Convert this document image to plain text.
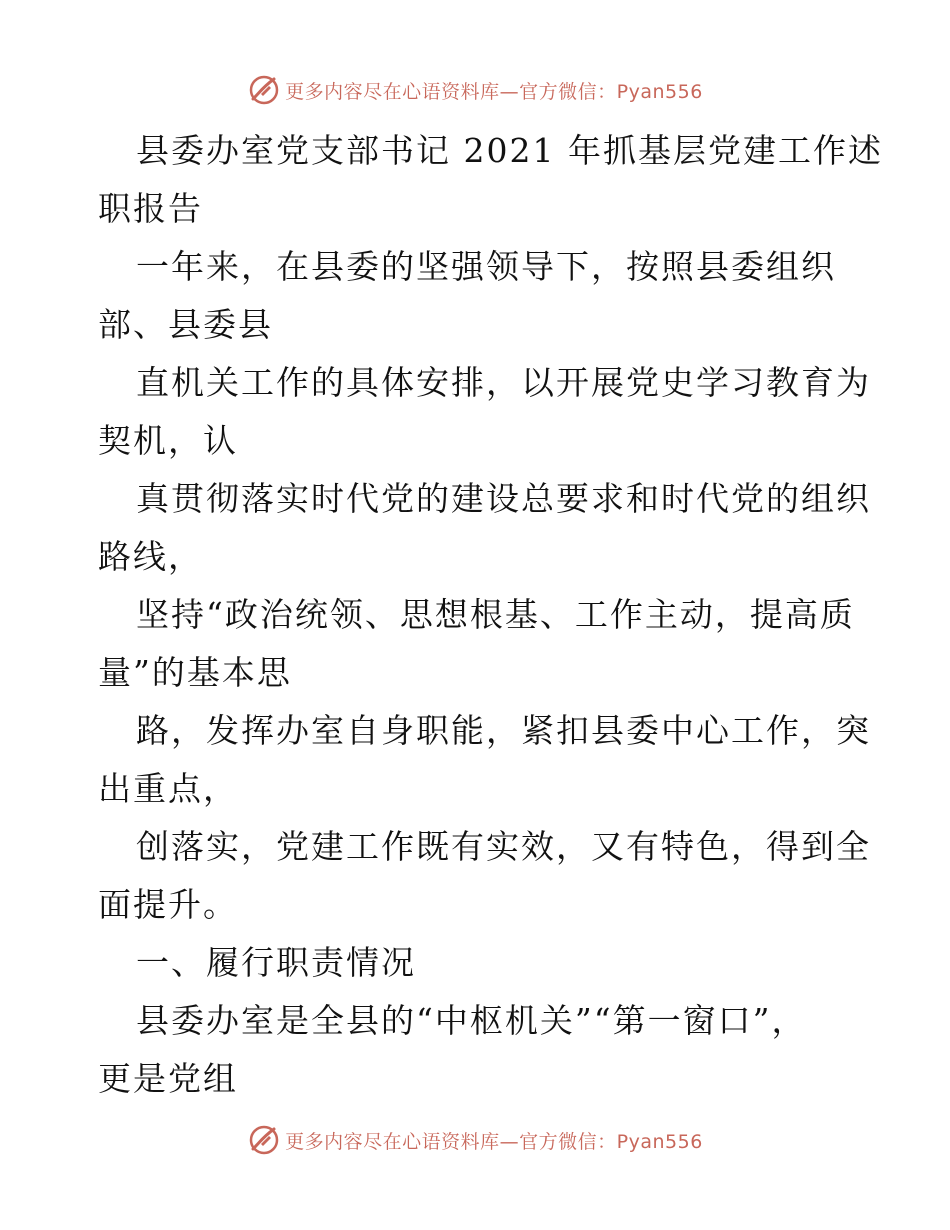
更多内容尽在心语资料库—官方微信：Pyan556
县委办室党支部书记 2021 年抓基层党建工作述
职报告
一年来，在县委的坚强领导下，按照县委组织
部、县委县
直机关工作的具体安排，以开展党史学习教育为
契机，认
真贯彻落实时代党的建设总要求和时代党的组织
路线，
坚持“政治统领、思想根基、工作主动，提高质
量”的基本思
路，发挥办室自身职能，紧扣县委中心工作，突
出重点，
创落实，党建工作既有实效，又有特色，得到全
面提升。
一、履行职责情况
县委办室是全县的“中枢机关”“第一窗口”，
更是党组
更多内容尽在心语资料库—官方微信：Pyan556
